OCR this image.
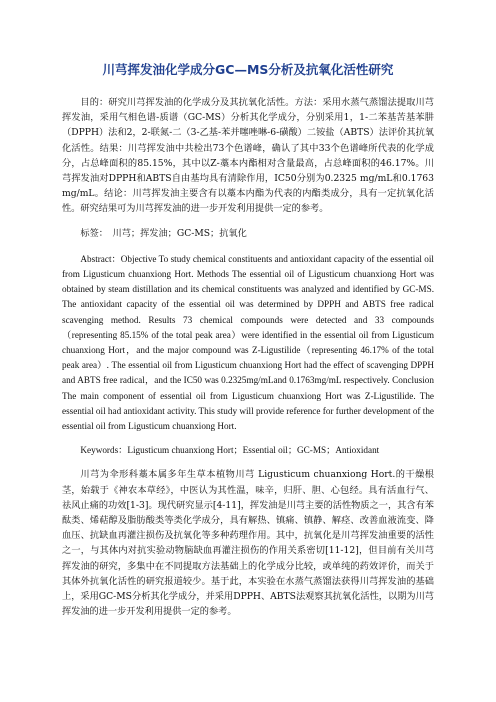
川芎挥发油化学成分GC—MS分析及抗氧化活性研究

目的：研究川芎挥发油的化学成分及其抗氧化活性。方法：采用水蒸气蒸馏法提取川芎挥发油，采用气相色谱-质谱（GC-MS）分析其化学成分，分别采用1，1-二苯基苦基苯肼（DPPH）法和2，2-联氮-二（3-乙基-苯并噻唑啉-6-磺酸）二铵盐（ABTS）法评价其抗氧化活性。结果：川芎挥发油中共检出73个色谱峰，确认了其中33个色谱峰所代表的化学成分，占总峰面积的85.15%，其中以Z-藁本内酯相对含量最高，占总峰面积的46.17%。川芎挥发油对DPPH和ABTS自由基均具有清除作用，IC50分别为0.2325 mg/mL和0.1763 mg/mL。结论：川芎挥发油主要含有以藁本内酯为代表的内酯类成分，具有一定抗氧化活性。研究结果可为川芎挥发油的进一步开发利用提供一定的参考。

标签：　川芎；挥发油；GC-MS；抗氧化

Abstract：Objective To study chemical constituents and antioxidant capacity of the essential oil from Ligusticum chuanxiong Hort. Methods The essential oil of Ligusticum chuanxiong Hort was obtained by steam distillation and its chemical constituents was analyzed and identified by GC-MS. The antioxidant capacity of the essential oil was determined by DPPH and ABTS free radical scavenging method. Results 73 chemical compounds were detected and 33 compounds（representing 85.15% of the total peak area）were identified in the essential oil from Ligusticum chuanxiong Hort，and the major compound was Z-Ligustilide（representing 46.17% of the total peak area）. The essential oil from Ligusticum chuanxiong Hort had the effect of scavenging DPPH and ABTS free radical，and the IC50 was 0.2325mg/mLand 0.1763mg/mL respectively. Conclusion The main component of essential oil from Ligusticum chuanxiong Hort was Z-Ligustilide. The essential oil had antioxidant activity. This study will provide reference for further development of the essential oil from Ligusticum chuanxiong Hort.

Keywords：Ligusticum chuanxiong Hort；Essential oil；GC-MS；Antioxidant

川芎为伞形科藁本属多年生草本植物川芎 Ligusticum chuanxiong Hort.的干燥根茎，始载于《神农本草经》，中医认为其性温，味辛，归肝、胆、心包经。具有活血行气、祛风止痛的功效[1-3]。现代研究显示[4-11]，挥发油是川芎主要的活性物质之一，其含有苯酞类、烯萜醇及脂肪酸类等类化学成分，具有解热、镇痛、镇静、解痉、改善血液流变、降血压、抗缺血再灌注损伤及抗氧化等多种药理作用。其中，抗氧化是川芎挥发油重要的活性之一，与其体内对抗实验动物脑缺血再灌注损伤的作用关系密切[11-12]，但目前有关川芎挥发油的研究，多集中在不同提取方法基础上的化学成分比较，或单纯的药效评价，而关于其体外抗氧化活性的研究报道较少。基于此，本实验在水蒸气蒸馏法获得川芎挥发油的基础上，采用GC-MS分析其化学成分，并采用DPPH、ABTS法观察其抗氧化活性，以期为川芎挥发油的进一步开发利用提供一定的参考。
